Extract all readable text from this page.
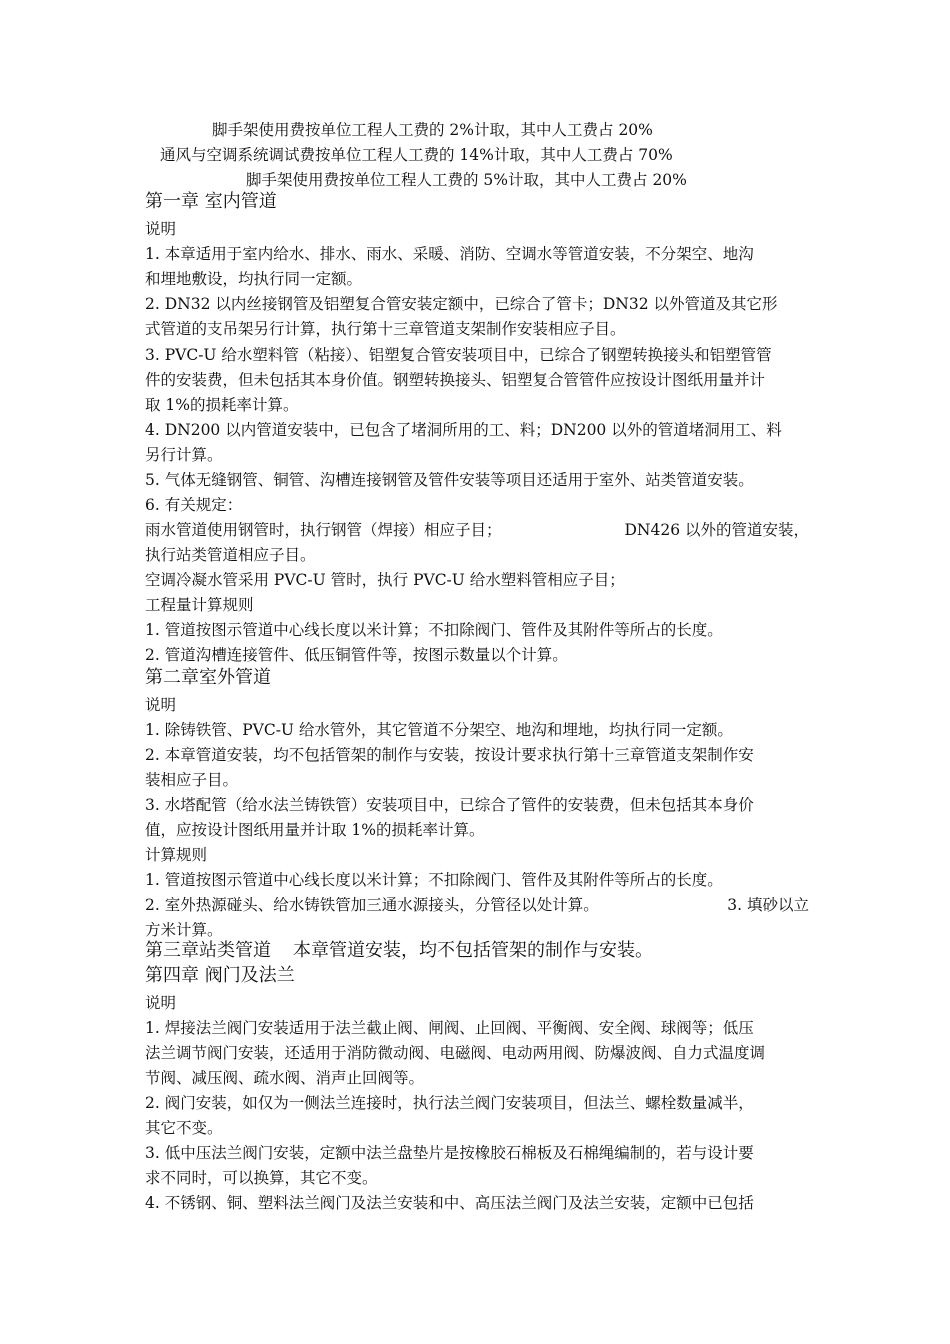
脚手架使用费按单位工程人工费的 2%计取，其中人工费占 20%
通风与空调系统调试费按单位工程人工费的 14%计取，其中人工费占 70%
脚手架使用费按单位工程人工费的 5%计取，其中人工费占 20%
第一章 室内管道
说明
1. 本章适用于室内给水、排水、雨水、采暖、消防、空调水等管道安装，不分架空、地沟
和埋地敷设，均执行同一定额。
2. DN32 以内丝接钢管及铝塑复合管安装定额中，已综合了管卡；DN32 以外管道及其它形
式管道的支吊架另行计算，执行第十三章管道支架制作安装相应子目。
3. PVC-U 给水塑料管（粘接）、铝塑复合管安装项目中，已综合了钢塑转换接头和铝塑管管
件的安装费，但未包括其本身价值。钢塑转换接头、铝塑复合管管件应按设计图纸用量并计
取 1%的损耗率计算。
4. DN200 以内管道安装中，已包含了堵洞所用的工、料；DN200 以外的管道堵洞用工、料
另行计算。
5. 气体无缝钢管、铜管、沟槽连接钢管及管件安装等项目还适用于室外、站类管道安装。
6. 有关规定：
雨水管道使用钢管时，执行钢管（焊接）相应子目；	DN426 以外的管道安装，
执行站类管道相应子目。
空调冷凝水管采用 PVC-U 管时，执行 PVC-U 给水塑料管相应子目；
工程量计算规则
1. 管道按图示管道中心线长度以米计算；不扣除阀门、管件及其附件等所占的长度。
2. 管道沟槽连接管件、低压铜管件等，按图示数量以个计算。
第二章室外管道
说明
1. 除铸铁管、PVC-U 给水管外，其它管道不分架空、地沟和埋地，均执行同一定额。
2. 本章管道安装，均不包括管架的制作与安装，按设计要求执行第十三章管道支架制作安
装相应子目。
3. 水塔配管（给水法兰铸铁管）安装项目中，已综合了管件的安装费，但未包括其本身价
值，应按设计图纸用量并计取 1%的损耗率计算。
计算规则
1. 管道按图示管道中心线长度以米计算；不扣除阀门、管件及其附件等所占的长度。
2. 室外热源碰头、给水铸铁管加三通水源接头，分管径以处计算。	3. 填砂以立
方米计算。
第三章站类管道 本章管道安装，均不包括管架的制作与安装。
第四章 阀门及法兰
说明
1. 焊接法兰阀门安装适用于法兰截止阀、闸阀、止回阀、平衡阀、安全阀、球阀等；低压
法兰调节阀门安装，还适用于消防微动阀、电磁阀、电动两用阀、防爆波阀、自力式温度调
节阀、减压阀、疏水阀、消声止回阀等。
2. 阀门安装，如仅为一侧法兰连接时，执行法兰阀门安装项目，但法兰、螺栓数量减半，
其它不变。
3. 低中压法兰阀门安装，定额中法兰盘垫片是按橡胶石棉板及石棉绳编制的，若与设计要
求不同时，可以换算，其它不变。
4. 不锈钢、铜、塑料法兰阀门及法兰安装和中、高压法兰阀门及法兰安装，定额中已包括
